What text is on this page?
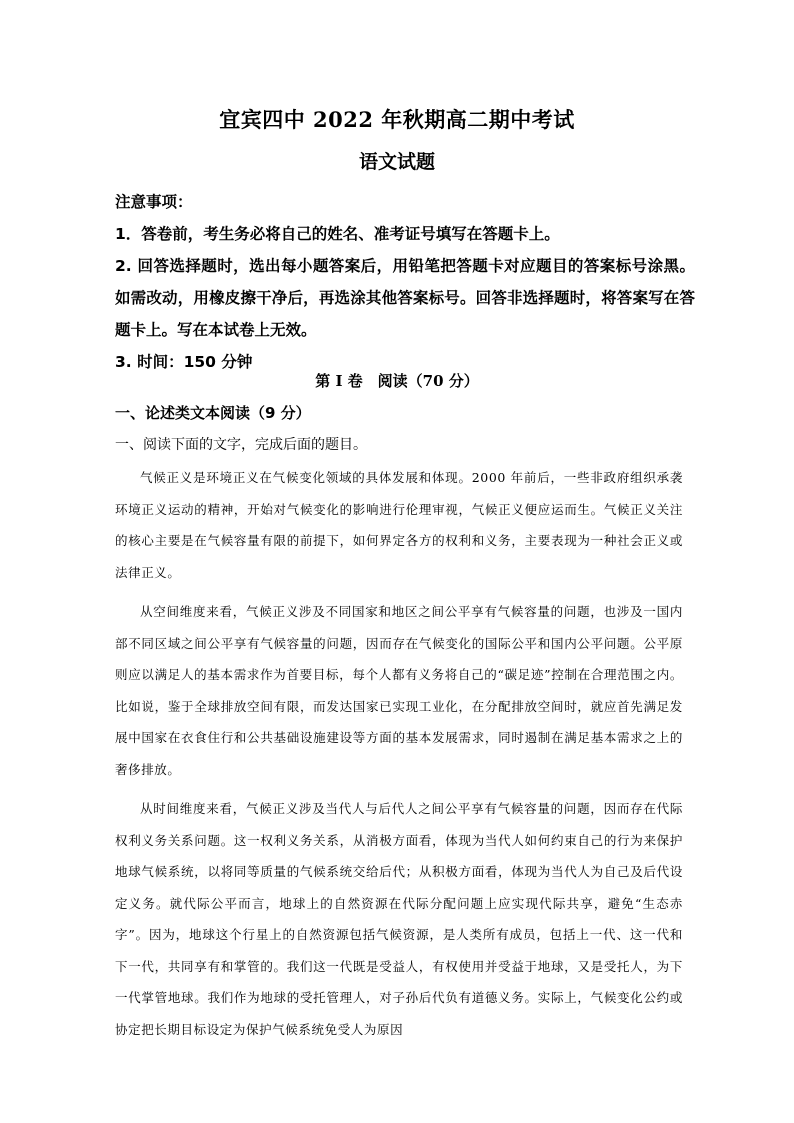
宜宾四中 2022 年秋期高二期中考试
语文试题

注意事项：

1．答卷前，考生务必将自己的姓名、准考证号填写在答题卡上。

2. 回答选择题时，选出每小题答案后，用铅笔把答题卡对应题目的答案标号涂黑。如需改动，用橡皮擦干净后，再选涂其他答案标号。回答非选择题时，将答案写在答题卡上。写在本试卷上无效。

3. 时间：150 分钟

第 I 卷　阅读（70 分）
一、论述类文本阅读（9 分）
一、阅读下面的文字，完成后面的题目。

气候正义是环境正义在气候变化领域的具体发展和体现。2000 年前后，一些非政府组织承袭环境正义运动的精神，开始对气候变化的影响进行伦理审视，气候正义便应运而生。气候正义关注的核心主要是在气候容量有限的前提下，如何界定各方的权利和义务，主要表现为一种社会正义或法律正义。

从空间维度来看，气候正义涉及不同国家和地区之间公平享有气候容量的问题，也涉及一国内部不同区域之间公平享有气候容量的问题，因而存在气候变化的国际公平和国内公平问题。公平原则应以满足人的基本需求作为首要目标，每个人都有义务将自己的“碳足迹”控制在合理范围之内。比如说，鉴于全球排放空间有限，而发达国家已实现工业化，在分配排放空间时，就应首先满足发展中国家在衣食住行和公共基础设施建设等方面的基本发展需求，同时遏制在满足基本需求之上的奢侈排放。

从时间维度来看，气候正义涉及当代人与后代人之间公平享有气候容量的问题，因而存在代际权利义务关系问题。这一权利义务关系，从消极方面看，体现为当代人如何约束自己的行为来保护地球气候系统，以将同等质量的气候系统交给后代；从积极方面看，体现为当代人为自己及后代设定义务。就代际公平而言，地球上的自然资源在代际分配问题上应实现代际共享，避免“生态赤字”。因为，地球这个行星上的自然资源包括气候资源，是人类所有成员，包括上一代、这一代和下一代，共同享有和掌管的。我们这一代既是受益人，有权使用并受益于地球，又是受托人，为下一代掌管地球。我们作为地球的受托管理人，对子孙后代负有道德义务。实际上，气候变化公约或协定把长期目标设定为保护气候系统免受人为原因
